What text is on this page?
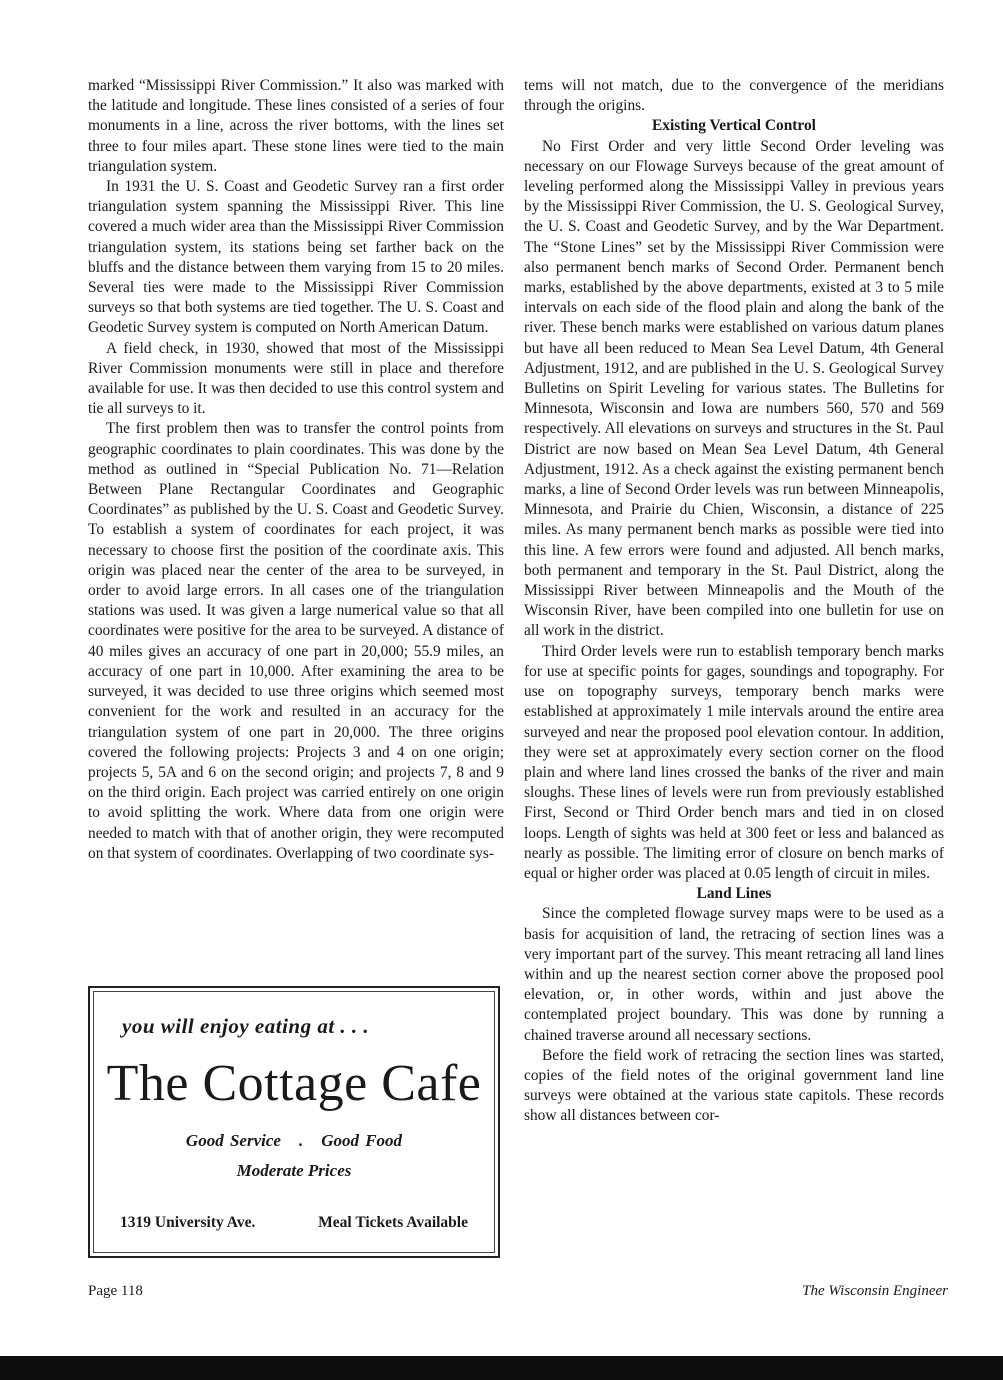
marked “Mississippi River Commission.” It also was marked with the latitude and longitude. These lines consisted of a series of four monuments in a line, across the river bottoms, with the lines set three to four miles apart. These stone lines were tied to the main triangulation system.

In 1931 the U. S. Coast and Geodetic Survey ran a first order triangulation system spanning the Mississippi River. This line covered a much wider area than the Mississippi River Commission triangulation system, its stations being set farther back on the bluffs and the distance between them varying from 15 to 20 miles. Several ties were made to the Mississippi River Commission surveys so that both systems are tied together. The U. S. Coast and Geodetic Survey system is computed on North American Datum.

A field check, in 1930, showed that most of the Mississippi River Commission monuments were still in place and therefore available for use. It was then decided to use this control system and tie all surveys to it.

The first problem then was to transfer the control points from geographic coordinates to plain coordinates. This was done by the method as outlined in “Special Publication No. 71—Relation Between Plane Rectangular Coordinates and Geographic Coordinates” as published by the U. S. Coast and Geodetic Survey. To establish a system of coordinates for each project, it was necessary to choose first the position of the coordinate axis. This origin was placed near the center of the area to be surveyed, in order to avoid large errors. In all cases one of the triangulation stations was used. It was given a large numerical value so that all coordinates were positive for the area to be surveyed. A distance of 40 miles gives an accuracy of one part in 20,000; 55.9 miles, an accuracy of one part in 10,000. After examining the area to be surveyed, it was decided to use three origins which seemed most convenient for the work and resulted in an accuracy for the triangulation system of one part in 20,000. The three origins covered the following projects: Projects 3 and 4 on one origin; projects 5, 5A and 6 on the second origin; and projects 7, 8 and 9 on the third origin. Each project was carried entirely on one origin to avoid splitting the work. Where data from one origin were needed to match with that of another origin, they were recomputed on that system of coordinates. Overlapping of two coordinate sys-

tems will not match, due to the convergence of the meridians through the origins.

Existing Vertical Control

No First Order and very little Second Order leveling was necessary on our Flowage Surveys because of the great amount of leveling performed along the Mississippi Valley in previous years by the Mississippi River Commission, the U. S. Geological Survey, the U. S. Coast and Geodetic Survey, and by the War Department. The “Stone Lines” set by the Mississippi River Commission were also permanent bench marks of Second Order. Permanent bench marks, established by the above departments, existed at 3 to 5 mile intervals on each side of the flood plain and along the bank of the river. These bench marks were established on various datum planes but have all been reduced to Mean Sea Level Datum, 4th General Adjustment, 1912, and are published in the U. S. Geological Survey Bulletins on Spirit Leveling for various states. The Bulletins for Minnesota, Wisconsin and Iowa are numbers 560, 570 and 569 respectively. All elevations on surveys and structures in the St. Paul District are now based on Mean Sea Level Datum, 4th General Adjustment, 1912. As a check against the existing permanent bench marks, a line of Second Order levels was run between Minneapolis, Minnesota, and Prairie du Chien, Wisconsin, a distance of 225 miles. As many permanent bench marks as possible were tied into this line. A few errors were found and adjusted. All bench marks, both permanent and temporary in the St. Paul District, along the Mississippi River between Minneapolis and the Mouth of the Wisconsin River, have been compiled into one bulletin for use on all work in the district.

Third Order levels were run to establish temporary bench marks for use at specific points for gages, soundings and topography. For use on topography surveys, temporary bench marks were established at approximately 1 mile intervals around the entire area surveyed and near the proposed pool elevation contour. In addition, they were set at approximately every section corner on the flood plain and where land lines crossed the banks of the river and main sloughs. These lines of levels were run from previously established First, Second or Third Order bench mars and tied in on closed loops. Length of sights was held at 300 feet or less and balanced as nearly as possible. The limiting error of closure on bench marks of equal or higher order was placed at 0.05 length of circuit in miles.

Land Lines

Since the completed flowage survey maps were to be used as a basis for acquisition of land, the retracing of section lines was a very important part of the survey. This meant retracing all land lines within and up the nearest section corner above the proposed pool elevation, or, in other words, within and just above the contemplated project boundary. This was done by running a chained traverse around all necessary sections.

Before the field work of retracing the section lines was started, copies of the field notes of the original government land line surveys were obtained at the various state capitols. These records show all distances between cor-

you will enjoy eating at . . .
The Cottage Cafe
Good Service . Good Food
Moderate Prices
1319 University Ave.	Meal Tickets Available
Page 118	The Wisconsin Engineer
